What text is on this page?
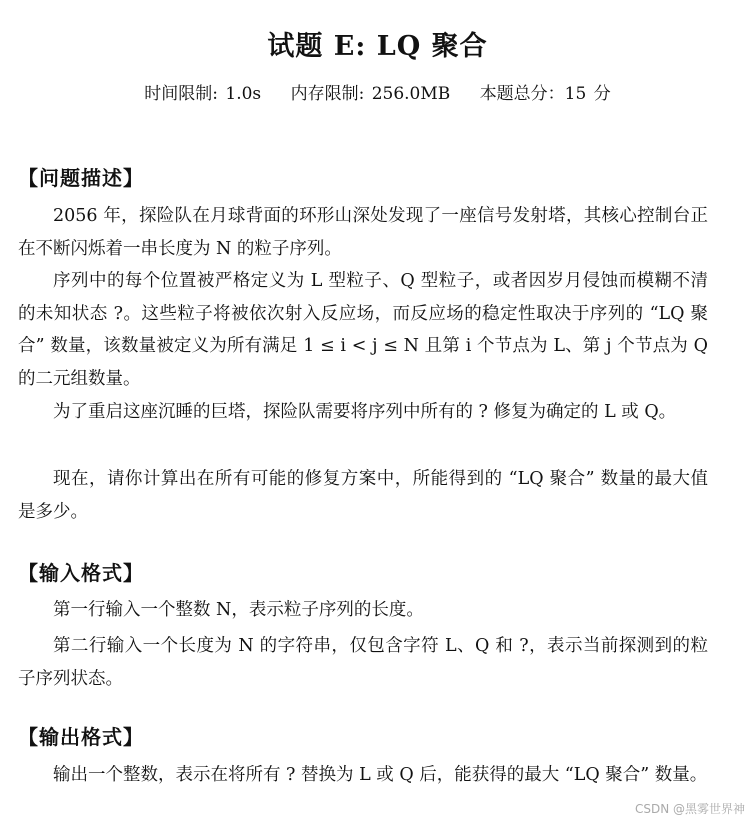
试题 E: LQ 聚合
时间限制: 1.0s 内存限制: 256.0MB 本题总分：15 分
【问题描述】

2056 年，探险队在月球背面的环形山深处发现了一座信号发射塔，其核心控制台正在不断闪烁着一串长度为 N 的粒子序列。

序列中的每个位置被严格定义为 L 型粒子、Q 型粒子，或者因岁月侵蚀而模糊不清的未知状态 ?。这些粒子将被依次射入反应场，而反应场的稳定性取决于序列的 “LQ 聚合” 数量，该数量被定义为所有满足 1 ≤ i < j ≤ N 且第 i 个节点为 L、第 j 个节点为 Q 的二元组数量。

为了重启这座沉睡的巨塔，探险队需要将序列中所有的 ? 修复为确定的 L 或 Q。

现在，请你计算出在所有可能的修复方案中，所能得到的 “LQ 聚合” 数量的最大值是多少。

【输入格式】

第一行输入一个整数 N，表示粒子序列的长度。

第二行输入一个长度为 N 的字符串，仅包含字符 L、Q 和 ?，表示当前探测到的粒子序列状态。

【输出格式】

输出一个整数，表示在将所有 ? 替换为 L 或 Q 后，能获得的最大 “LQ 聚合” 数量。

CSDN @黑雾世界神
